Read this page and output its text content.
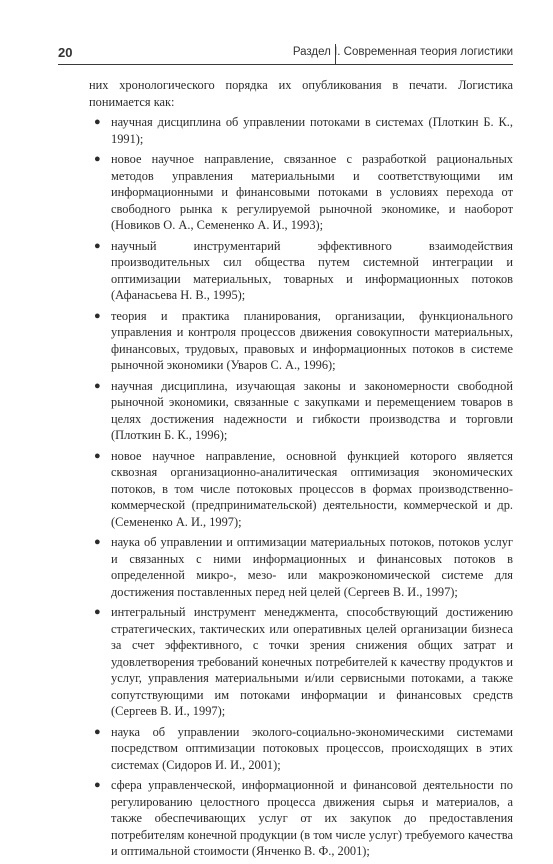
20	Раздел I. Современная теория логистики

них хронологического порядка их опубликования в печати. Логистика понимается как:

● научная дисциплина об управлении потоками в системах (Плоткин Б. К., 1991);
● новое научное направление, связанное с разработкой рациональных методов управления материальными и соответствующими им информационными и финансовыми потоками в условиях перехода от свободного рынка к регулируемой рыночной экономике, и наоборот (Новиков О. А., Семененко А. И., 1993);
● научный инструментарий эффективного взаимодействия производительных сил общества путем системной интеграции и оптимизации материальных, товарных и информационных потоков (Афанасьева Н. В., 1995);
● теория и практика планирования, организации, функционального управления и контроля процессов движения совокупности материальных, финансовых, трудовых, правовых и информационных потоков в системе рыночной экономики (Уваров С. А., 1996);
● научная дисциплина, изучающая законы и закономерности свободной рыночной экономики, связанные с закупками и перемещением товаров в целях достижения надежности и гибкости производства и торговли (Плоткин Б. К., 1996);
● новое научное направление, основной функцией которого является сквозная организационно-аналитическая оптимизация экономических потоков, в том числе потоковых процессов в формах производственно-коммерческой (предпринимательской) деятельности, коммерческой и др. (Семененко А. И., 1997);
● наука об управлении и оптимизации материальных потоков, потоков услуг и связанных с ними информационных и финансовых потоков в определенной микро-, мезо- или макроэкономической системе для достижения поставленных перед ней целей (Сергеев В. И., 1997);
● интегральный инструмент менеджмента, способствующий достижению стратегических, тактических или оперативных целей организации бизнеса за счет эффективного, с точки зрения снижения общих затрат и удовлетворения требований конечных потребителей к качеству продуктов и услуг, управления материальными и/или сервисными потоками, а также сопутствующими им потоками информации и финансовых средств (Сергеев В. И., 1997);
● наука об управлении эколого-социально-экономическими системами посредством оптимизации потоковых процессов, происходящих в этих системах (Сидоров И. И., 2001);
● сфера управленческой, информационной и финансовой деятельности по регулированию целостного процесса движения сырья и материалов, а также обеспечивающих услуг от их закупок до предоставления потребителям конечной продукции (в том числе услуг) требуемого качества и оптимальной стоимости (Янченко В. Ф., 2001);
